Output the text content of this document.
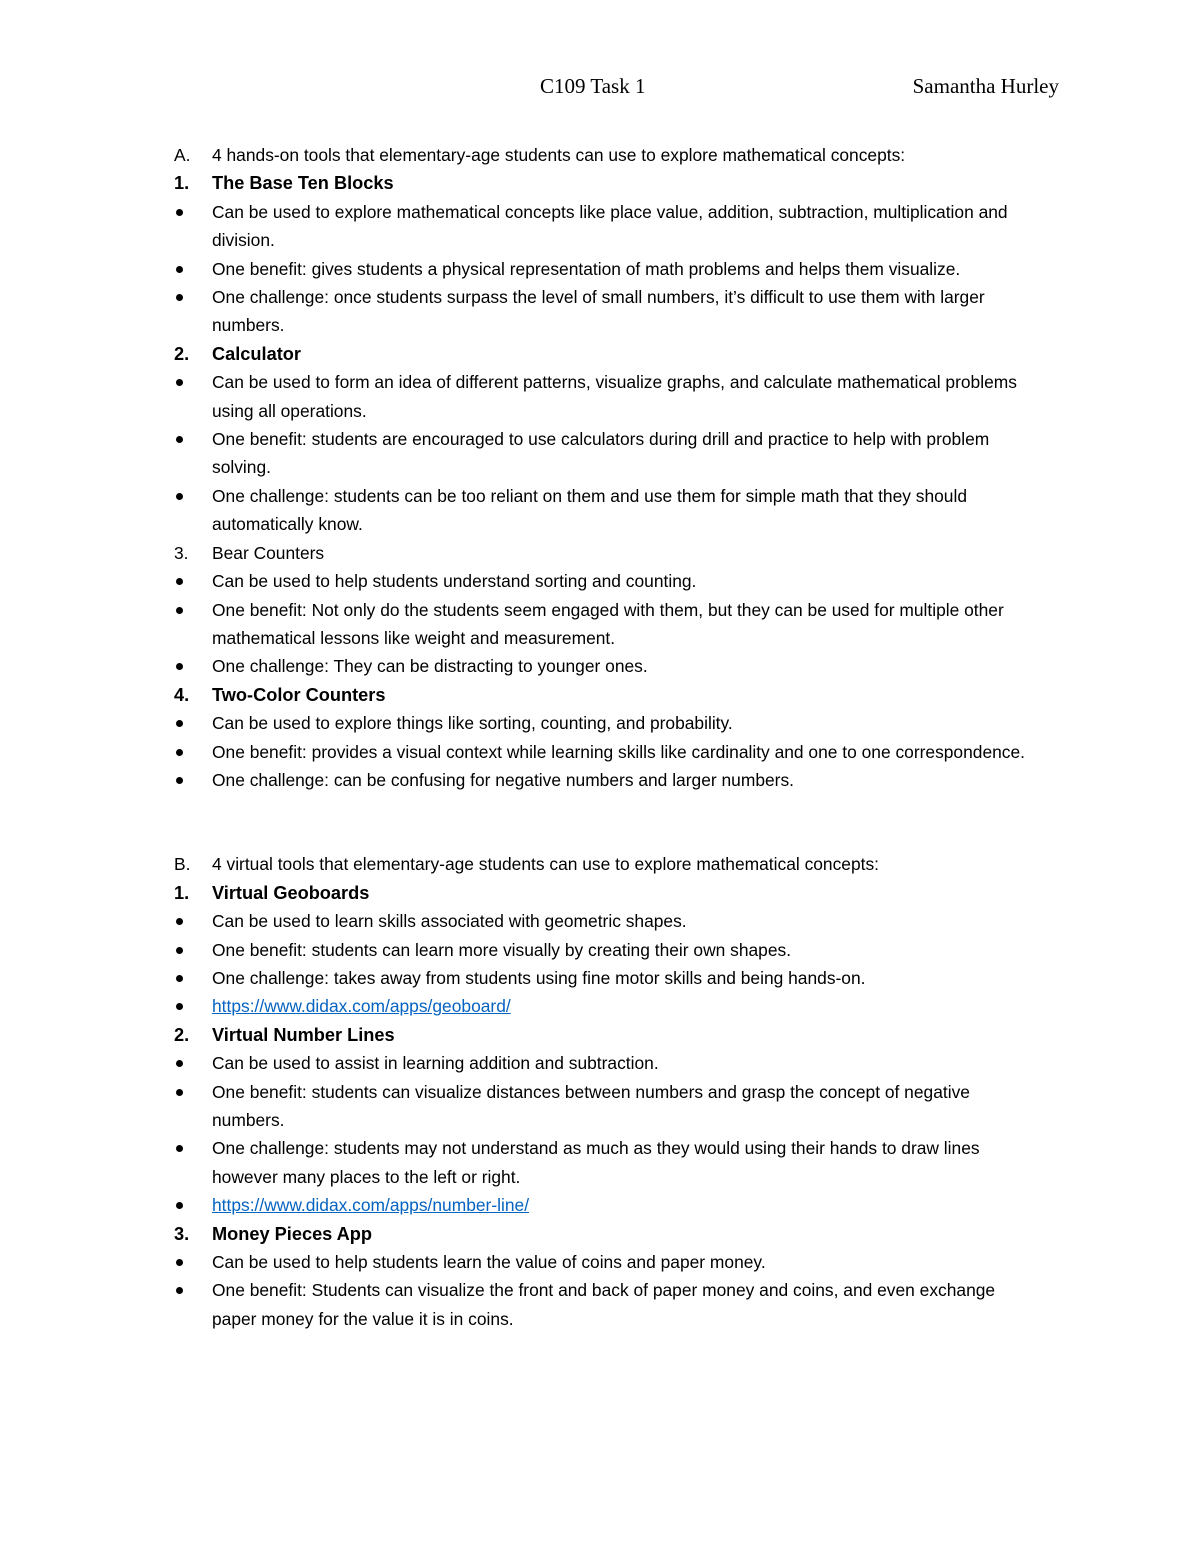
C109 Task 1	Samantha Hurley
A. 4 hands-on tools that elementary-age students can use to explore mathematical concepts:
1. The Base Ten Blocks
Can be used to explore mathematical concepts like place value, addition, subtraction, multiplication and division.
One benefit: gives students a physical representation of math problems and helps them visualize.
One challenge: once students surpass the level of small numbers, it’s difficult to use them with larger numbers.
2. Calculator
Can be used to form an idea of different patterns, visualize graphs, and calculate mathematical problems using all operations.
One benefit: students are encouraged to use calculators during drill and practice to help with problem solving.
One challenge: students can be too reliant on them and use them for simple math that they should automatically know.
3. Bear Counters
Can be used to help students understand sorting and counting.
One benefit: Not only do the students seem engaged with them, but they can be used for multiple other mathematical lessons like weight and measurement.
One challenge: They can be distracting to younger ones.
4. Two-Color Counters
Can be used to explore things like sorting, counting, and probability.
One benefit: provides a visual context while learning skills like cardinality and one to one correspondence.
One challenge: can be confusing for negative numbers and larger numbers.
B. 4 virtual tools that elementary-age students can use to explore mathematical concepts:
1. Virtual Geoboards
Can be used to learn skills associated with geometric shapes.
One benefit: students can learn more visually by creating their own shapes.
One challenge: takes away from students using fine motor skills and being hands-on.
https://www.didax.com/apps/geoboard/
2. Virtual Number Lines
Can be used to assist in learning addition and subtraction.
One benefit: students can visualize distances between numbers and grasp the concept of negative numbers.
One challenge: students may not understand as much as they would using their hands to draw lines however many places to the left or right.
https://www.didax.com/apps/number-line/
3. Money Pieces App
Can be used to help students learn the value of coins and paper money.
One benefit: Students can visualize the front and back of paper money and coins, and even exchange paper money for the value it is in coins.
